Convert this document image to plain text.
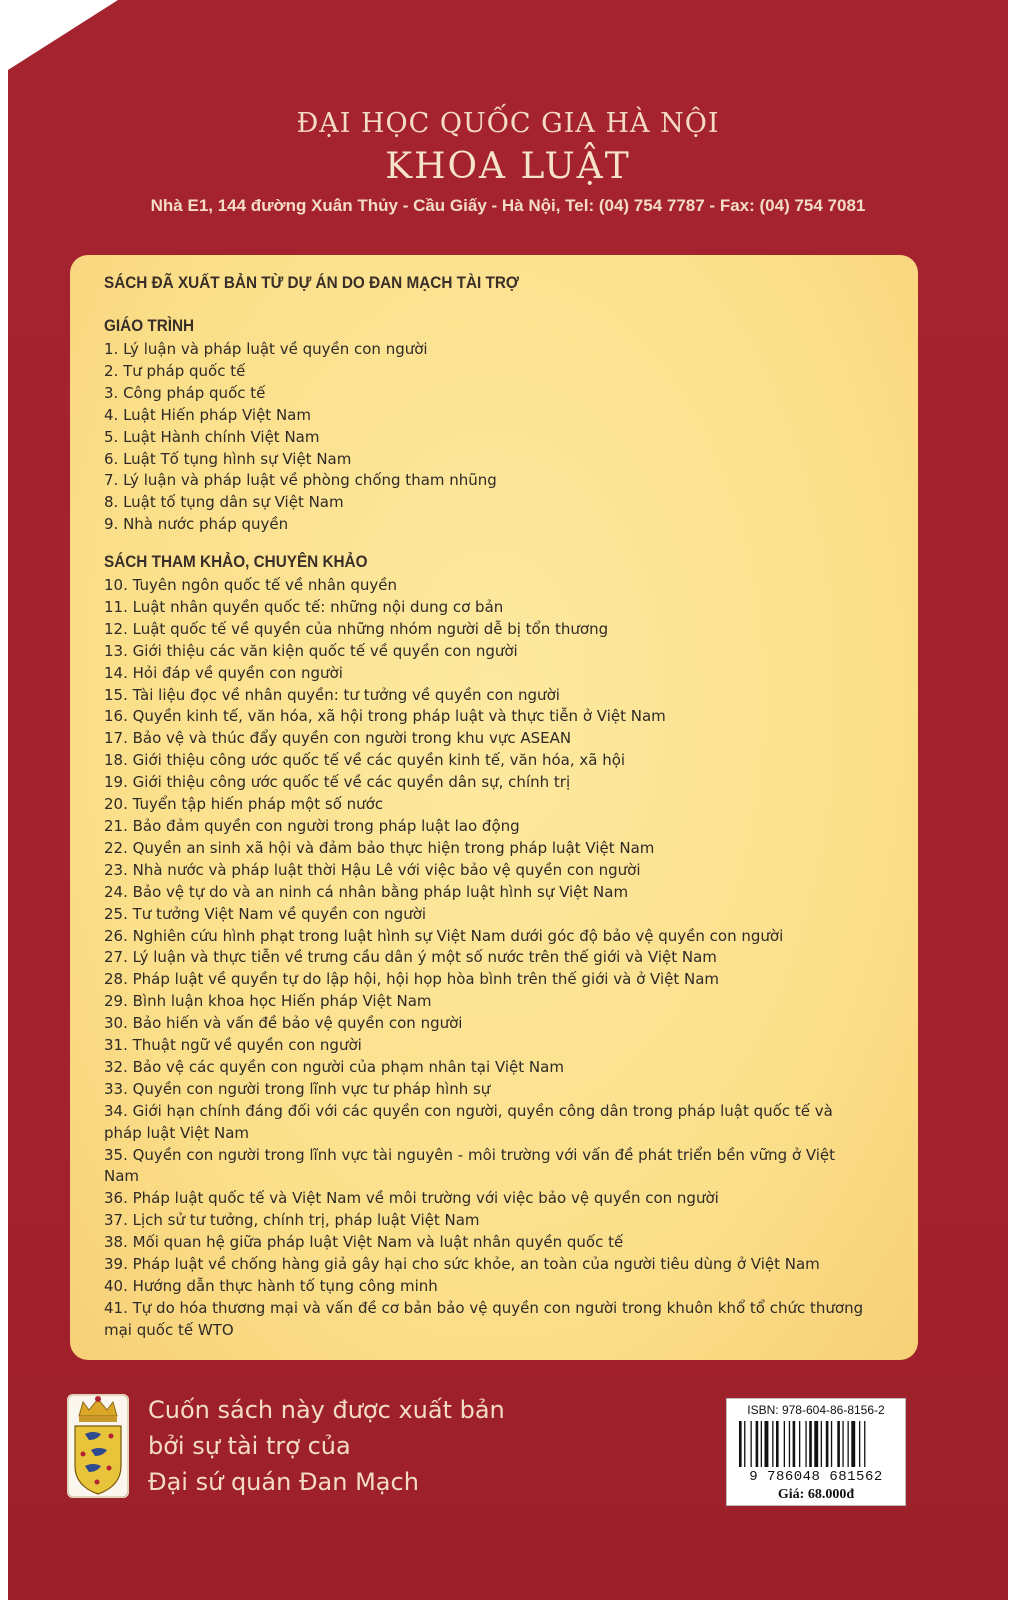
ĐẠI HỌC QUỐC GIA HÀ NỘI
KHOA LUẬT
Nhà E1, 144 đường Xuân Thủy - Cầu Giấy - Hà Nội, Tel: (04) 754 7787 - Fax: (04) 754 7081
SÁCH ĐÃ XUẤT BẢN TỪ DỰ ÁN DO ĐAN MẠCH TÀI TRỢ
GIÁO TRÌNH
1. Lý luận và pháp luật về quyền con người
2. Tư pháp quốc tế
3. Công pháp quốc tế
4. Luật Hiến pháp Việt Nam
5. Luật Hành chính Việt Nam
6. Luật Tố tụng hình sự Việt Nam
7. Lý luận và pháp luật về phòng chống tham nhũng
8. Luật tố tụng dân sự Việt Nam
9. Nhà nước pháp quyền
SÁCH THAM KHẢO, CHUYÊN KHẢO
10. Tuyên ngôn quốc tế về nhân quyền
11. Luật nhân quyền quốc tế: những nội dung cơ bản
12. Luật quốc tế về quyền của những nhóm người dễ bị tổn thương
13. Giới thiệu các văn kiện quốc tế về quyền con người
14. Hỏi đáp về quyền con người
15. Tài liệu đọc về nhân quyền: tư tưởng về quyền con người
16. Quyền kinh tế, văn hóa, xã hội trong pháp luật và thực tiễn ở Việt Nam
17. Bảo vệ và thúc đẩy quyền con người trong khu vực ASEAN
18. Giới thiệu công ước quốc tế về các quyền kinh tế, văn hóa, xã hội
19. Giới thiệu công ước quốc tế về các quyền dân sự, chính trị
20. Tuyển tập hiến pháp một số nước
21. Bảo đảm quyền con người trong pháp luật lao động
22. Quyền an sinh xã hội và đảm bảo thực hiện trong pháp luật Việt Nam
23. Nhà nước và pháp luật thời Hậu Lê với việc bảo vệ quyền con người
24. Bảo vệ tự do và an ninh cá nhân bằng pháp luật hình sự Việt Nam
25. Tư tưởng Việt Nam về quyền con người
26. Nghiên cứu hình phạt trong luật hình sự Việt Nam dưới góc độ bảo vệ quyền con người
27. Lý luận và thực tiễn về trưng cầu dân ý một số nước trên thế giới và Việt Nam
28. Pháp luật về quyền tự do lập hội, hội họp hòa bình trên thế giới và ở Việt Nam
29. Bình luận khoa học Hiến pháp Việt Nam
30. Bảo hiến và vấn đề bảo vệ quyền con người
31. Thuật ngữ về quyền con người
32. Bảo vệ các quyền con người của phạm nhân tại Việt Nam
33. Quyền con người trong lĩnh vực tư pháp hình sự
34. Giới hạn chính đáng đối với các quyền con người, quyền công dân trong pháp luật quốc tế và pháp luật Việt Nam
35. Quyền con người trong lĩnh vực tài nguyên - môi trường với vấn đề phát triển bền vững ở Việt Nam
36. Pháp luật quốc tế và Việt Nam về môi trường với việc bảo vệ quyền con người
37. Lịch sử tư tưởng, chính trị, pháp luật Việt Nam
38. Mối quan hệ giữa pháp luật Việt Nam và luật nhân quyền quốc tế
39. Pháp luật về chống hàng giả gây hại cho sức khỏe, an toàn của người tiêu dùng ở Việt Nam
40. Hướng dẫn thực hành tố tụng công minh
41. Tự do hóa thương mại và vấn đề cơ bản bảo vệ quyền con người trong khuôn khổ tổ chức thương mại quốc tế WTO
Cuốn sách này được xuất bản
bởi sự tài trợ của
Đại sứ quán Đan Mạch
ISBN: 978-604-86-8156-2
9 786048 681562
Giá: 68.000đ
